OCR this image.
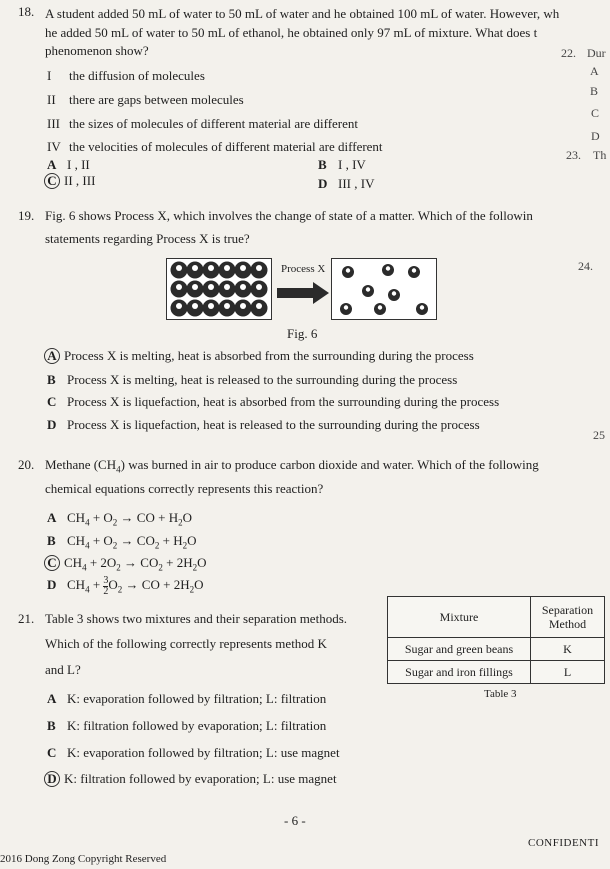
18. A student added 50 mL of water to 50 mL of water and he obtained 100 mL of water. However, wh
he added 50 mL of water to 50 mL of ethanol, he obtained only 97 mL of mixture. What does t
phenomenon show?
I the diffusion of molecules
II there are gaps between molecules
III the sizes of molecules of different material are different
IV the velocities of molecules of different material are different
A I , II	B I , IV
C II , III	D III , IV
22. Dur
A
B
C
D
23. Th
24.
25
19. Fig. 6 shows Process X, which involves the change of state of a matter. Which of the followin
statements regarding Process X is true?
Process X
Fig. 6
A Process X is melting, heat is absorbed from the surrounding during the process
B Process X is melting, heat is released to the surrounding during the process
C Process X is liquefaction, heat is absorbed from the surrounding during the process
D Process X is liquefaction, heat is released to the surrounding during the process
20. Methane $(CH_4)$ was burned in air to produce carbon dioxide and water. Which of the following
chemical equations correctly represents this reaction?
A $CH_4 + O_2$ → CO + $H_2O$
B $CH_4 + O_2 \to CO_2 + H_2O$
C $CH_4 + 2O_2 \to CO_2 + 2H_2O$
D $CH_4 + \frac{3}{2} O_2$ → CO + $2H_2O$
21. Table 3 shows two mixtures and their separation methods.
Which of the following correctly represents method K
and L?
Mixture	Separation Method
Sugar and green beans	K
Sugar and iron fillings	L
Table 3
A K: evaporation followed by filtration; L: filtration
B K: filtration followed by evaporation; L: filtration
C K: evaporation followed by filtration; L: use magnet
D K: filtration followed by evaporation; L: use magnet
- 6 -
2016 Dong Zong Copyright Reserved
CONFIDENTI
